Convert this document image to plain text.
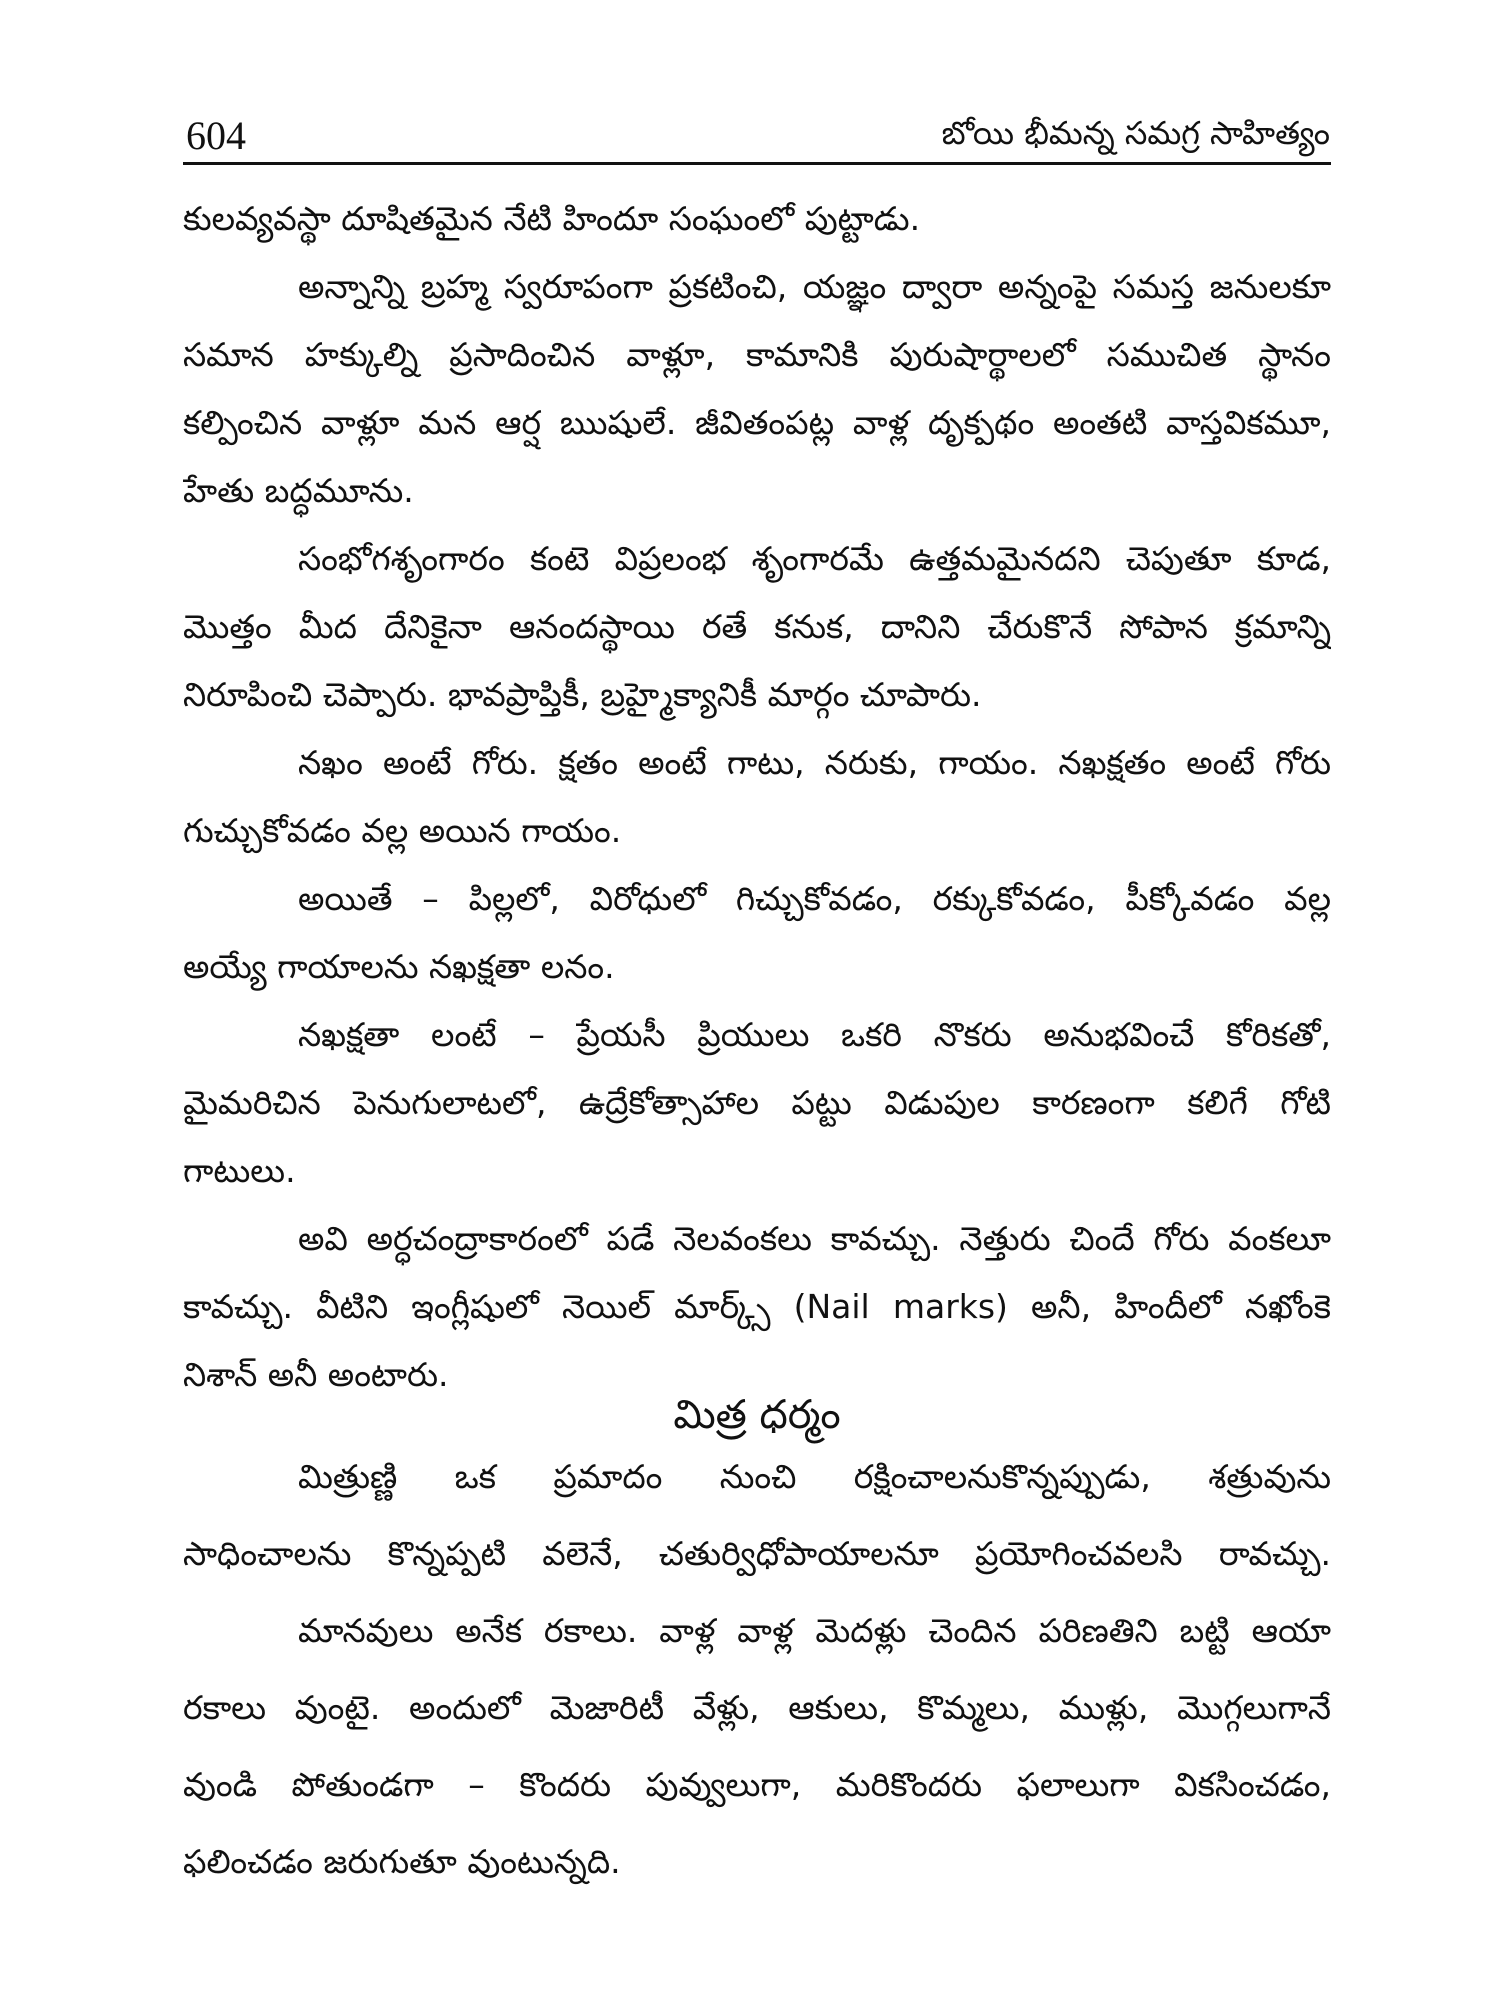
604	బోయి భీమన్న సమగ్ర సాహిత్యం
కులవ్యవస్థా దూషితమైన నేటి హిందూ సంఘంలో పుట్టాడు.
అన్నాన్ని బ్రహ్మ స్వరూపంగా ప్రకటించి, యజ్ఞం ద్వారా అన్నంపై సమస్త జనులకూ
సమాన హక్కుల్ని ప్రసాదించిన వాళ్లూ, కామానికి పురుషార్థాలలో సముచిత స్థానం
కల్పించిన వాళ్లూ మన ఆర్ష ఋషులే. జీవితంపట్ల వాళ్ల దృక్పథం అంతటి వాస్తవికమూ,
హేతు బద్ధమూను.
సంభోగశృంగారం కంటె విప్రలంభ శృంగారమే ఉత్తమమైనదని చెపుతూ కూడ,
మొత్తం మీద దేనికైనా ఆనందస్థాయి రతే కనుక, దానిని చేరుకొనే సోపాన క్రమాన్ని
నిరూపించి చెప్పారు. భావప్రాప్తికీ, బ్రహ్మైక్యానికీ మార్గం చూపారు.
నఖం అంటే గోరు. క్షతం అంటే గాటు, నరుకు, గాయం. నఖక్షతం అంటే గోరు
గుచ్చుకోవడం వల్ల అయిన గాయం.
అయితే – పిల్లలో, విరోధులో గిచ్చుకోవడం, రక్కుకోవడం, పీక్కోవడం వల్ల
అయ్యే గాయాలను నఖక్షతా లనం.
నఖక్షతా లంటే – ప్రేయసీ ప్రియులు ఒకరి నొకరు అనుభవించే కోరికతో,
మైమరిచిన పెనుగులాటలో, ఉద్రేకోత్సాహాల పట్టు విడుపుల కారణంగా కలిగే గోటి
గాటులు.
అవి అర్ధచంద్రాకారంలో పడే నెలవంకలు కావచ్చు. నెత్తురు చిందే గోరు వంకలూ
కావచ్చు. వీటిని ఇంగ్లీషులో నెయిల్ మార్క్స్ (Nail marks) అనీ, హిందీలో నఖోంకె
నిశాన్ అనీ అంటారు.
మిత్ర ధర్మం
మిత్రుణ్ణి ఒక ప్రమాదం నుంచి రక్షించాలనుకొన్నప్పుడు, శత్రువును
సాధించాలను కొన్నప్పటి వలెనే, చతుర్విధోపాయాలనూ ప్రయోగించవలసి రావచ్చు.
మానవులు అనేక రకాలు. వాళ్ల వాళ్ల మెదళ్లు చెందిన పరిణతిని బట్టి ఆయా
రకాలు వుంటై. అందులో మెజారిటీ వేళ్లు, ఆకులు, కొమ్మలు, ముళ్లు, మొగ్గలుగానే
వుండి పోతుండగా – కొందరు పువ్వులుగా, మరికొందరు ఫలాలుగా వికసించడం,
ఫలించడం జరుగుతూ వుంటున్నది.
